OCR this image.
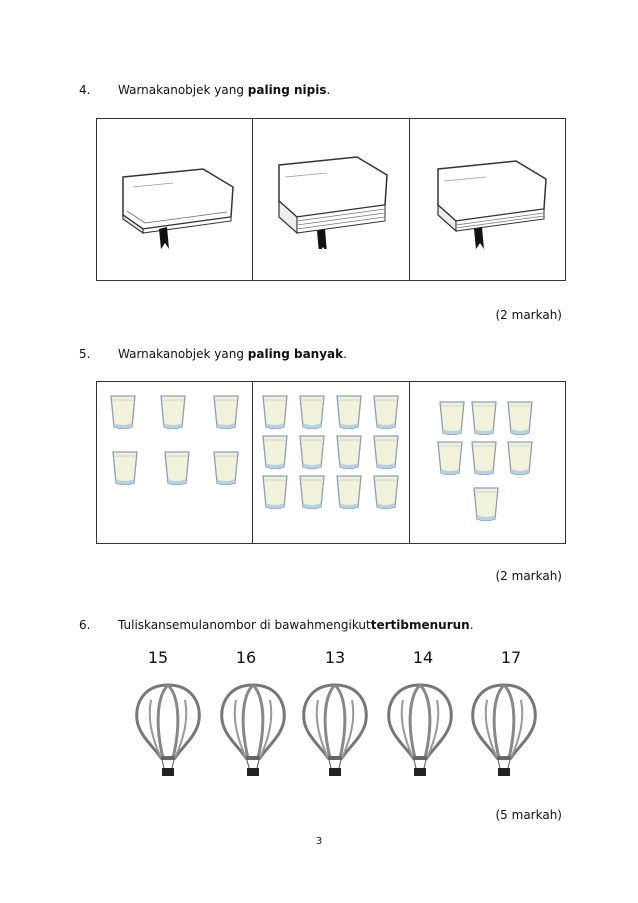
4. Warnakanobjek yang paling nipis.
(2 markah)
5. Warnakanobjek yang paling banyak.
(2 markah)
6. Tuliskansemulanombor di bawahmengikuttertibmenurun.
15	16	13	14	17
(5 markah)
3
